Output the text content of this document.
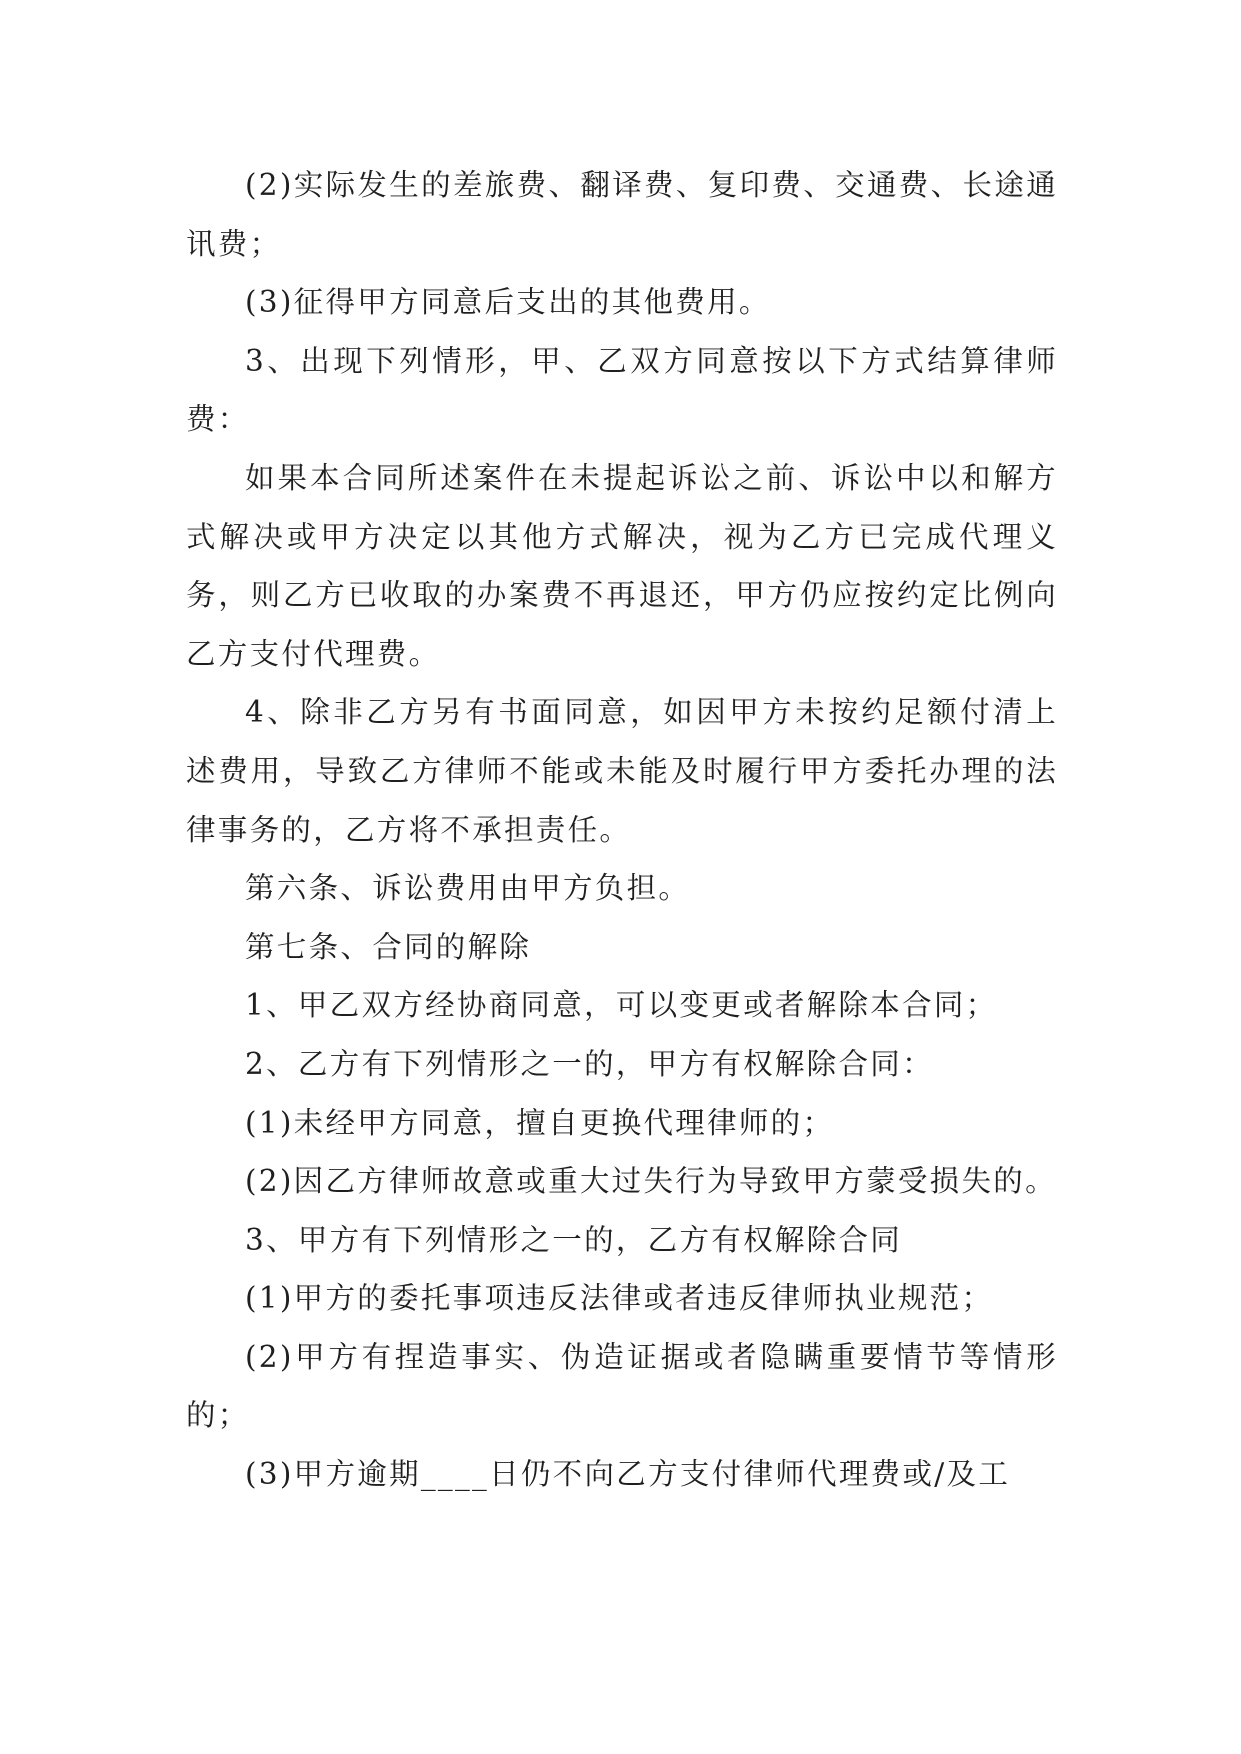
(2)实际发生的差旅费、翻译费、复印费、交通费、长途通讯费；

(3)征得甲方同意后支出的其他费用。

3、出现下列情形，甲、乙双方同意按以下方式结算律师费：

如果本合同所述案件在未提起诉讼之前、诉讼中以和解方式解决或甲方决定以其他方式解决，视为乙方已完成代理义务，则乙方已收取的办案费不再退还，甲方仍应按约定比例向乙方支付代理费。

4、除非乙方另有书面同意，如因甲方未按约足额付清上述费用，导致乙方律师不能或未能及时履行甲方委托办理的法律事务的，乙方将不承担责任。

第六条、诉讼费用由甲方负担。

第七条、合同的解除

1、甲乙双方经协商同意，可以变更或者解除本合同；

2、乙方有下列情形之一的，甲方有权解除合同：

(1)未经甲方同意，擅自更换代理律师的；

(2)因乙方律师故意或重大过失行为导致甲方蒙受损失的。

3、甲方有下列情形之一的，乙方有权解除合同

(1)甲方的委托事项违反法律或者违反律师执业规范；

(2)甲方有捏造事实、伪造证据或者隐瞒重要情节等情形的；

(3)甲方逾期____日仍不向乙方支付律师代理费或/及工
